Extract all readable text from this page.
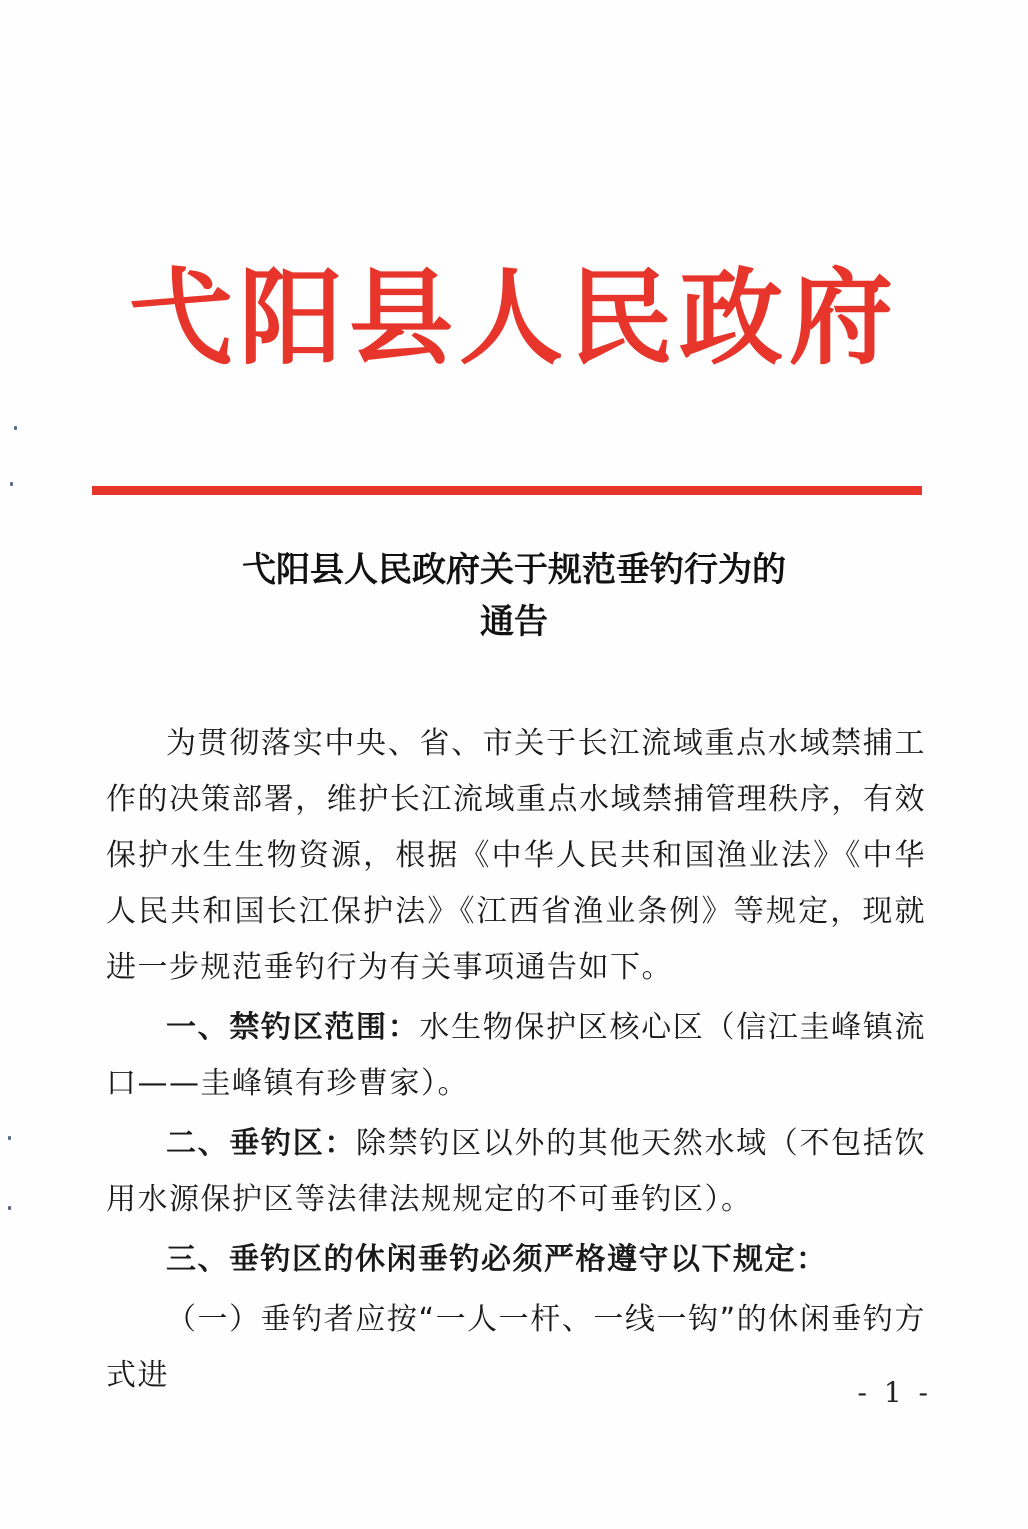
弋阳县人民政府
弋阳县人民政府关于规范垂钓行为的
通告

为贯彻落实中央、省、市关于长江流域重点水域禁捕工作的决策部署，维护长江流域重点水域禁捕管理秩序，有效保护水生生物资源，根据《中华人民共和国渔业法》《中华人民共和国长江保护法》《江西省渔业条例》等规定，现就进一步规范垂钓行为有关事项通告如下。

一、禁钓区范围：水生物保护区核心区（信江圭峰镇流口——圭峰镇有珍曹家）。

二、垂钓区：除禁钓区以外的其他天然水域（不包括饮用水源保护区等法律法规规定的不可垂钓区）。

三、垂钓区的休闲垂钓必须严格遵守以下规定：

（一）垂钓者应按“一人一杆、一线一钩”的休闲垂钓方式进	- 1 -
